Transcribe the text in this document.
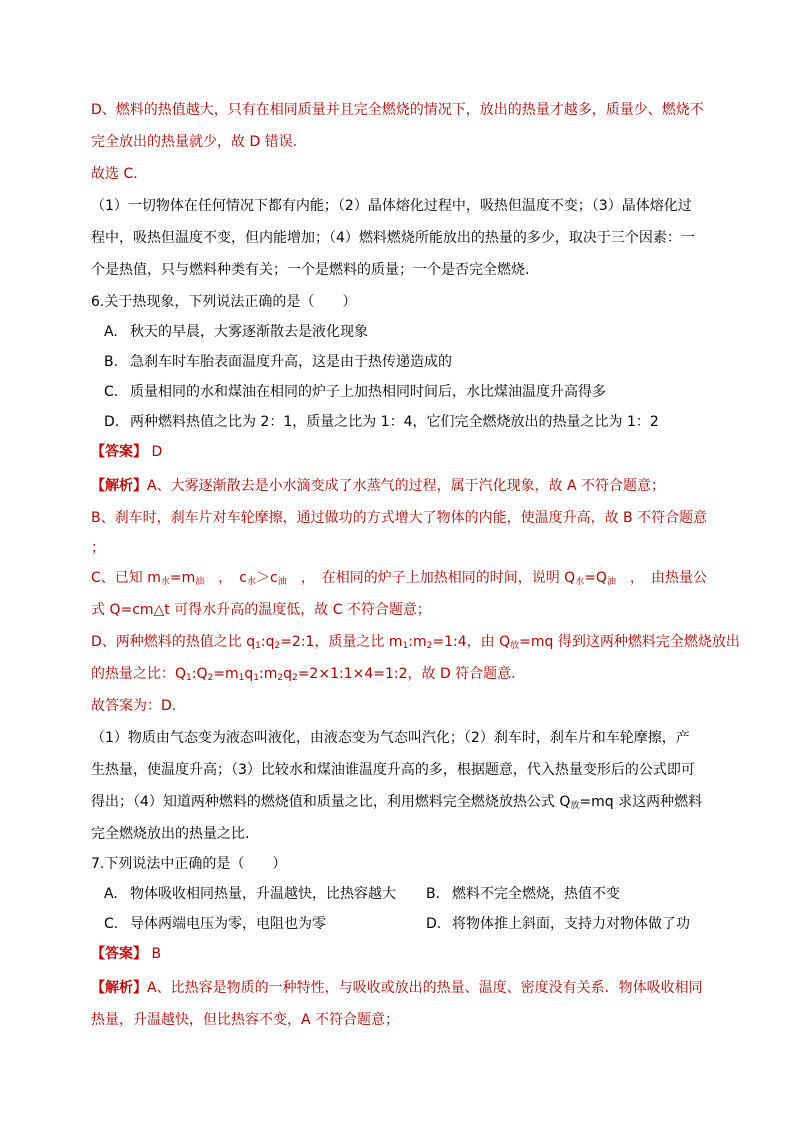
D、燃料的热值越大，只有在相同质量并且完全燃烧的情况下，放出的热量才越多，质量少、燃烧不
完全放出的热量就少，故 D 错误.
故选 C.
（1）一切物体在任何情况下都有内能；（2）晶体熔化过程中，吸热但温度不变；（3）晶体熔化过
程中，吸热但温度不变，但内能增加；（4）燃料燃烧所能放出的热量的多少，取决于三个因素：一
个是热值，只与燃料种类有关；一个是燃料的质量；一个是否完全燃烧.
6.关于热现象，下列说法正确的是（　　）
A. 秋天的早晨，大雾逐渐散去是液化现象
B. 急刹车时车胎表面温度升高，这是由于热传递造成的
C. 质量相同的水和煤油在相同的炉子上加热相同时间后，水比煤油温度升高得多
D. 两种燃料热值之比为 2：1，质量之比为 1：4，它们完全燃烧放出的热量之比为 1：2
【答案】 D
【解析】A、大雾逐渐散去是小水滴变成了水蒸气的过程，属于汽化现象，故 A 不符合题意；
B、刹车时，刹车片对车轮摩擦，通过做功的方式增大了物体的内能，使温度升高，故 B 不符合题意
；
C、已知 $m_水=m_油$　，　$c_水>c_油$　，　在相同的炉子上加热相同的时间，说明 $Q_水=Q_油$　，　由热量公
式 Q=cm△t 可得水升高的温度低，故 C 不符合题意；
D、两种燃料的热值之比 $q_1:q_2=2:1$，质量之比 $m_1:m_2=1:4$，由 $Q_放=mq$ 得到这两种燃料完全燃烧放出
的热量之比：$Q_1:Q_2=m_1q_1:m_2q_2=2\times 1:1\times 4=1:2$，故 D 符合题意.
故答案为：D.
（1）物质由气态变为液态叫液化，由液态变为气态叫汽化；（2）刹车时，刹车片和车轮摩擦，产
生热量，使温度升高；（3）比较水和煤油谁温度升高的多，根据题意，代入热量变形后的公式即可
得出；（4）知道两种燃料的燃烧值和质量之比，利用燃料完全燃烧放热公式 $Q_放=mq$ 求这两种燃料
完全燃烧放出的热量之比.
7.下列说法中正确的是（　　）
A. 物体吸收相同热量，升温越快，比热容越大 B. 燃料不完全燃烧，热值不变
C. 导体两端电压为零，电阻也为零	D. 将物体推上斜面，支持力对物体做了功
【答案】 B
【解析】A、比热容是物质的一种特性，与吸收或放出的热量、温度、密度没有关系．物体吸收相同
热量，升温越快，但比热容不变，A 不符合题意；
